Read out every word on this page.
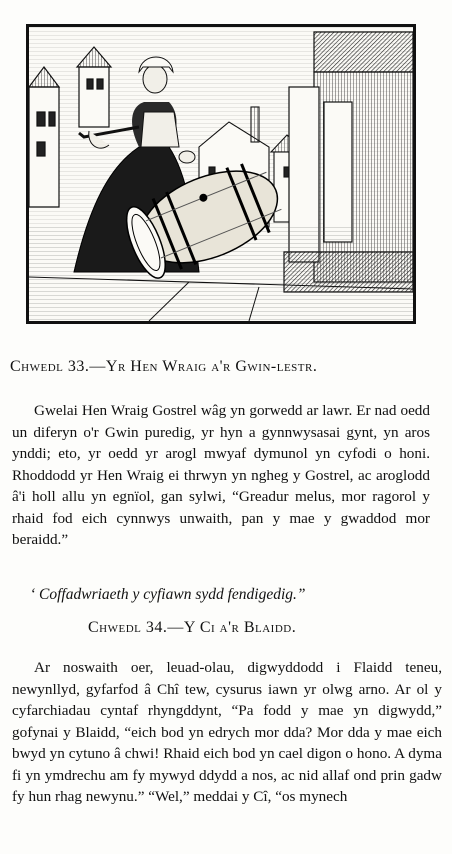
Chwedl 33.—Yr Hen Wraig a'r Gwin-lestr.

Gwelai Hen Wraig Gostrel wâg yn gorwedd ar lawr. Er nad oedd un diferyn o'r Gwin puredig, yr hyn a gynnwysasai gynt, yn aros ynddi; eto, yr oedd yr arogl mwyaf dymunol yn cyfodi o honi. Rhoddodd yr Hen Wraig ei thrwyn yn ngheg y Gostrel, ac aroglodd â'i holl allu yn egnïol, gan sylwi, “Greadur melus, mor ragorol y rhaid fod eich cynnwys unwaith, pan y mae y gwaddod mor beraidd.”

‘ Coffadwriaeth y cyfiawn sydd fendigedig.”
Chwedl 34.—Y Ci a'r Blaidd.

Ar noswaith oer, leuad-olau, digwyddodd i Flaidd teneu, newynllyd, gyfarfod â Chî tew, cysurus iawn yr olwg arno. Ar ol y cyfarchiadau cyntaf rhyngddynt, “Pa fodd y mae yn digwydd,” gofynai y Blaidd, “eich bod yn edrych mor dda? Mor dda y mae eich bwyd yn cytuno â chwi! Rhaid eich bod yn cael digon o hono. A dyma fi yn ymdrechu am fy mywyd ddydd a nos, ac nid allaf ond prin gadw fy hun rhag newynu.” “Wel,” meddai y Cî, “os mynech
